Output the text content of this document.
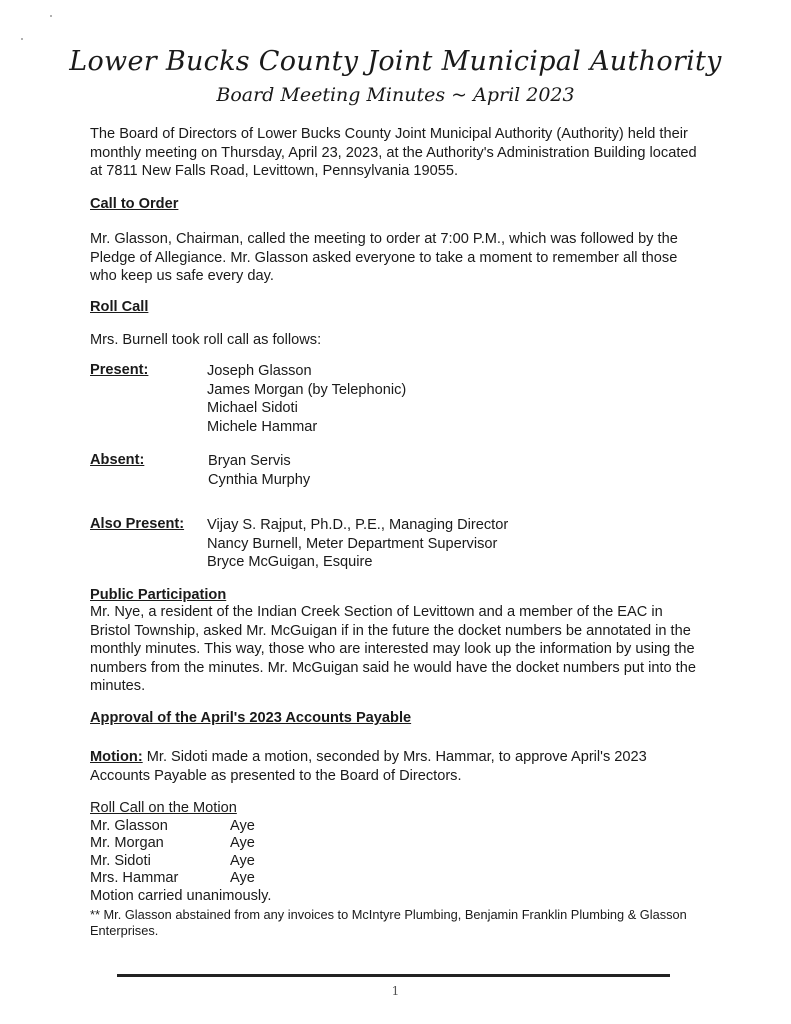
Lower Bucks County Joint Municipal Authority
Board Meeting Minutes ~ April 2023
The Board of Directors of Lower Bucks County Joint Municipal Authority (Authority) held their monthly meeting on Thursday, April 23, 2023, at the Authority's Administration Building located at 7811 New Falls Road, Levittown, Pennsylvania 19055.
Call to Order
Mr. Glasson, Chairman, called the meeting to order at 7:00 P.M., which was followed by the Pledge of Allegiance. Mr. Glasson asked everyone to take a moment to remember all those who keep us safe every day.
Roll Call
Mrs. Burnell took roll call as follows:
Present:	Joseph Glasson
James Morgan (by Telephonic)
Michael Sidoti
Michele Hammar
Absent:	Bryan Servis
Cynthia Murphy
Also Present: Vijay S. Rajput, Ph.D., P.E., Managing Director
Nancy Burnell, Meter Department Supervisor
Bryce McGuigan, Esquire
Public Participation
Mr. Nye, a resident of the Indian Creek Section of Levittown and a member of the EAC in Bristol Township, asked Mr. McGuigan if in the future the docket numbers be annotated in the monthly minutes. This way, those who are interested may look up the information by using the numbers from the minutes. Mr. McGuigan said he would have the docket numbers put into the minutes.
Approval of the April's 2023 Accounts Payable
Motion: Mr. Sidoti made a motion, seconded by Mrs. Hammar, to approve April's 2023 Accounts Payable as presented to the Board of Directors.
Roll Call on the Motion
Mr. Glasson	Aye
Mr. Morgan	Aye
Mr. Sidoti	Aye
Mrs. Hammar	Aye
Motion carried unanimously.
** Mr. Glasson abstained from any invoices to McIntyre Plumbing, Benjamin Franklin Plumbing & Glasson Enterprises.
1
